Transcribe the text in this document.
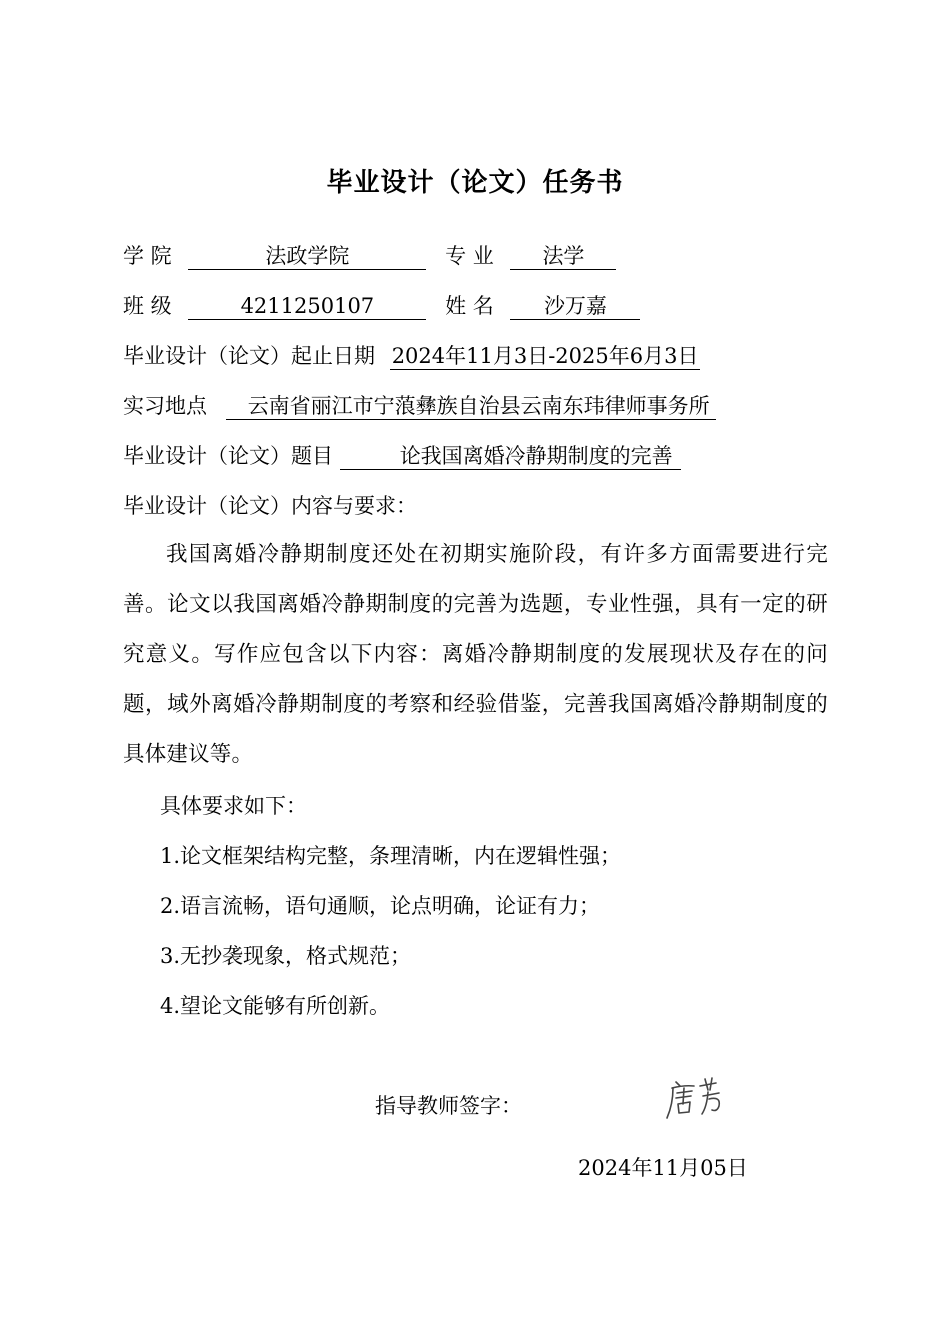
毕业设计（论文）任务书
学 院	法政学院	专 业 法学
班 级	4211250107	姓 名 沙万嘉
毕业设计（论文）起止日期 2024年11月3日-2025年6月3日
实习地点 云南省丽江市宁蒗彝族自治县云南东玮律师事务所
毕业设计（论文）题目	论我国离婚冷静期制度的完善
毕业设计（论文）内容与要求：
我国离婚冷静期制度还处在初期实施阶段，有许多方面需要进行完善。论文以我国离婚冷静期制度的完善为选题，专业性强，具有一定的研究意义。写作应包含以下内容：离婚冷静期制度的发展现状及存在的问题，域外离婚冷静期制度的考察和经验借鉴，完善我国离婚冷静期制度的具体建议等。
具体要求如下：
1.论文框架结构完整，条理清晰，内在逻辑性强；
2.语言流畅，语句通顺，论点明确，论证有力；
3.无抄袭现象，格式规范；
4.望论文能够有所创新。
指导教师签字：
2024年11月05日
